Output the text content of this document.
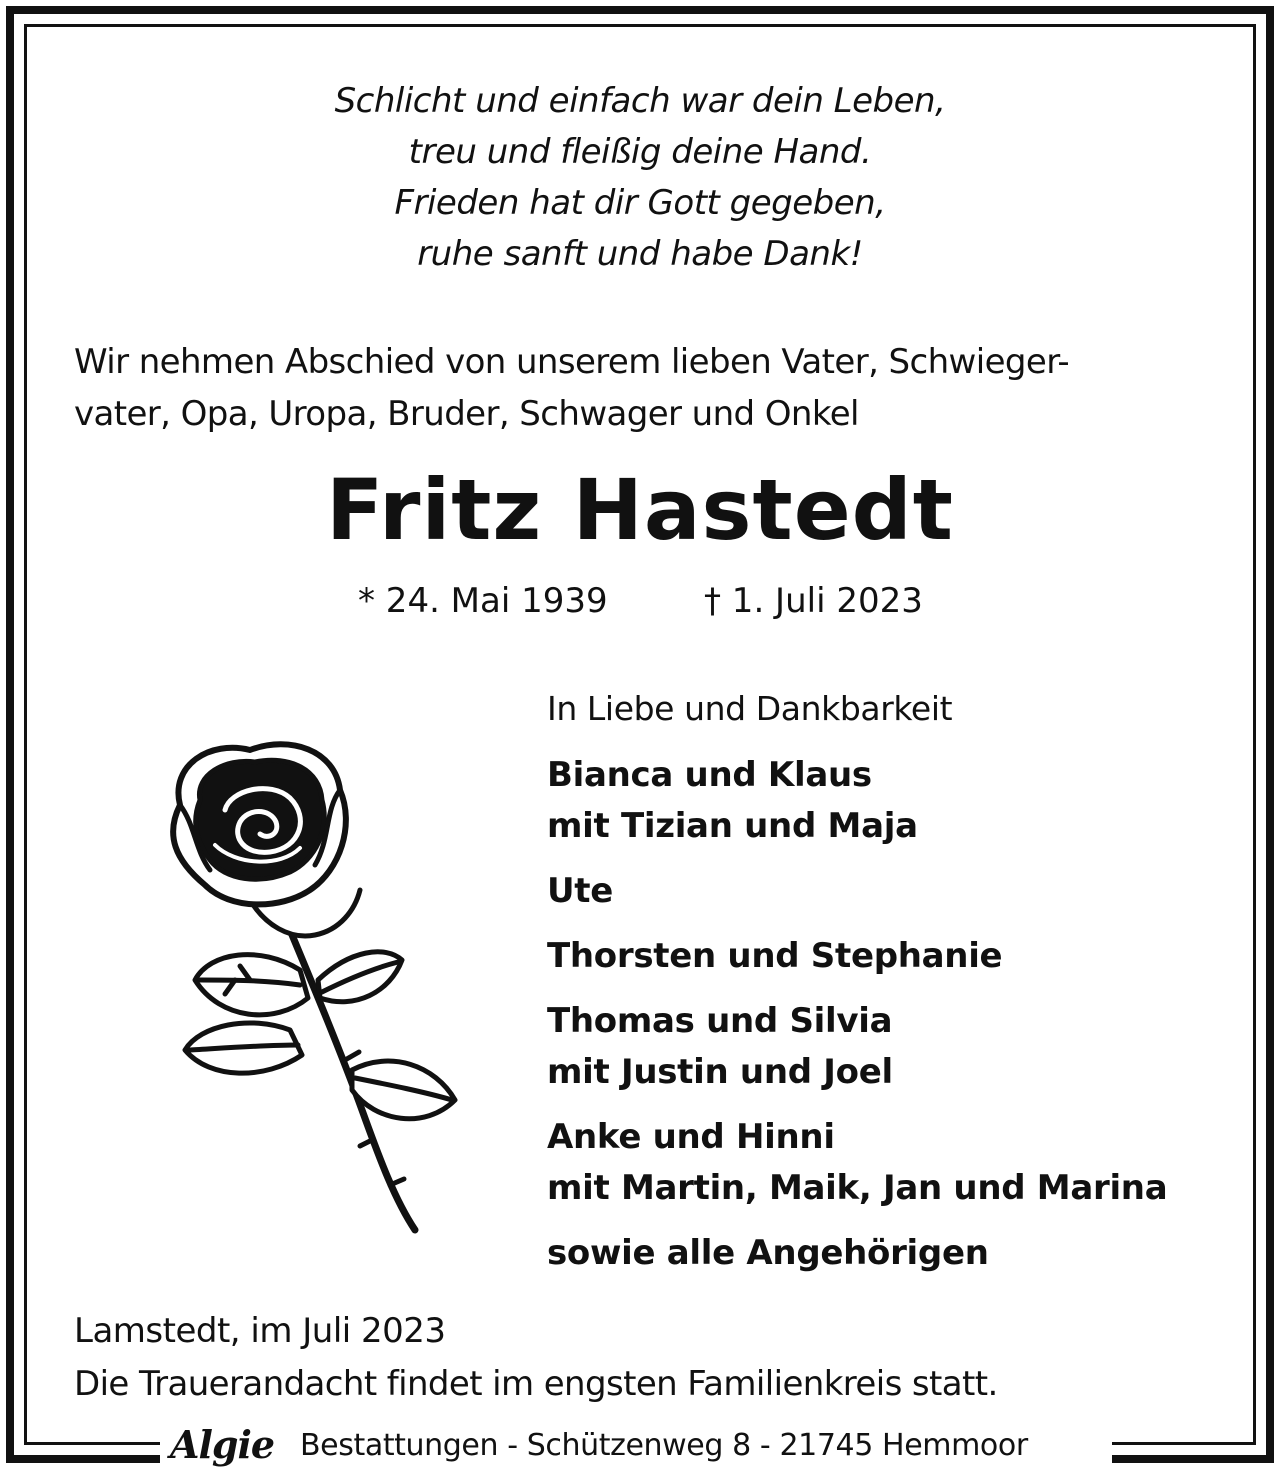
Schlicht und einfach war dein Leben,
treu und fleißig deine Hand.
Frieden hat dir Gott gegeben,
ruhe sanft und habe Dank!
Wir nehmen Abschied von unserem lieben Vater, Schwieger-
vater, Opa, Uropa, Bruder, Schwager und Onkel
Fritz Hastedt
* 24. Mai 1939	† 1. Juli 2023
In Liebe und Dankbarkeit
Bianca und Klaus
mit Tizian und Maja
Ute
Thorsten und Stephanie
Thomas und Silvia
mit Justin und Joel
Anke und Hinni
mit Martin, Maik, Jan und Marina
sowie alle Angehörigen
Lamstedt, im Juli 2023
Die Trauerandacht findet im engsten Familienkreis statt.
Algie Bestattungen - Schützenweg 8 - 21745 Hemmoor
